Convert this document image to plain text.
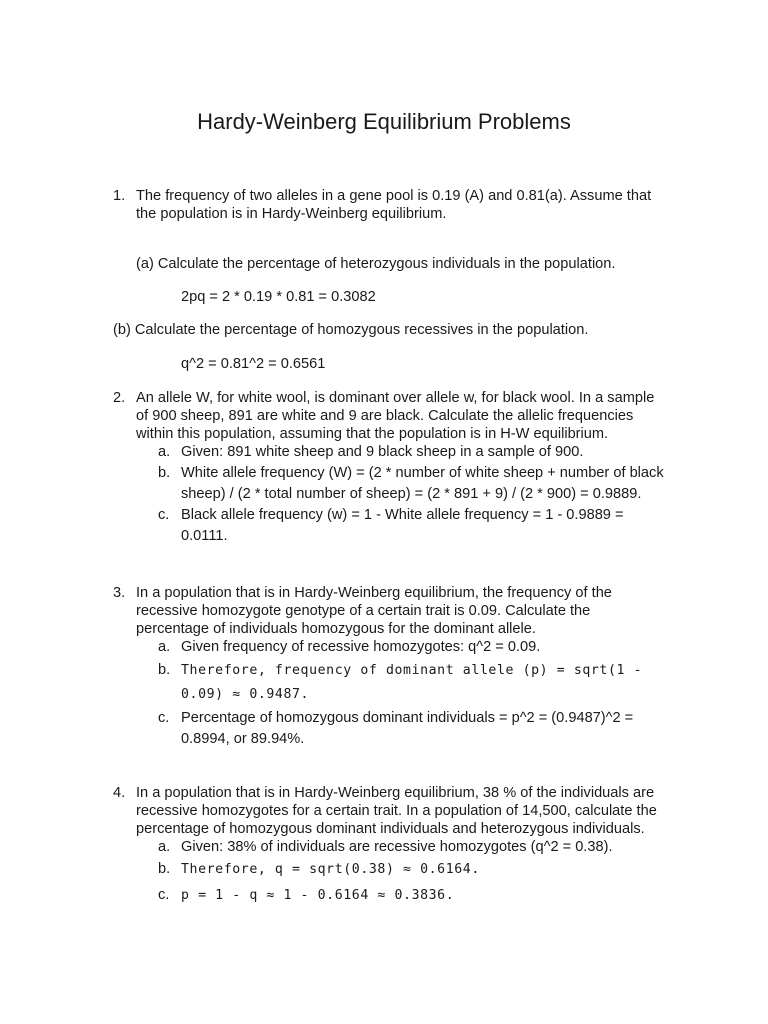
Hardy-Weinberg Equilibrium Problems
1. The frequency of two alleles in a gene pool is 0.19 (A) and 0.81(a). Assume that
the population is in Hardy-Weinberg equilibrium.
(a) Calculate the percentage of heterozygous individuals in the population.
2pq = 2 * 0.19 * 0.81 = 0.3082
(b) Calculate the percentage of homozygous recessives in the population.
q^2 = 0.81^2 = 0.6561
2. An allele W, for white wool, is dominant over allele w, for black wool. In a sample
of 900 sheep, 891 are white and 9 are black. Calculate the allelic frequencies
within this population, assuming that the population is in H-W equilibrium.
a. Given: 891 white sheep and 9 black sheep in a sample of 900.
b. White allele frequency (W) = (2 * number of white sheep + number of black
sheep) / (2 * total number of sheep) = (2 * 891 + 9) / (2 * 900) = 0.9889.
c. Black allele frequency (w) = 1 - White allele frequency = 1 - 0.9889 =
0.0111.
3. In a population that is in Hardy-Weinberg equilibrium, the frequency of the
recessive homozygote genotype of a certain trait is 0.09. Calculate the
percentage of individuals homozygous for the dominant allele.
a. Given frequency of recessive homozygotes: q^2 = 0.09.
b. Therefore, frequency of dominant allele (p) = sqrt(1 -
0.09) ≈ 0.9487.
c. Percentage of homozygous dominant individuals = p^2 = (0.9487)^2 =
0.8994, or 89.94%.
4. In a population that is in Hardy-Weinberg equilibrium, 38 % of the individuals are
recessive homozygotes for a certain trait. In a population of 14,500, calculate the
percentage of homozygous dominant individuals and heterozygous individuals.
a. Given: 38% of individuals are recessive homozygotes (q^2 = 0.38).
b. Therefore, q = sqrt(0.38) ≈ 0.6164.
c. p = 1 - q ≈ 1 - 0.6164 ≈ 0.3836.
